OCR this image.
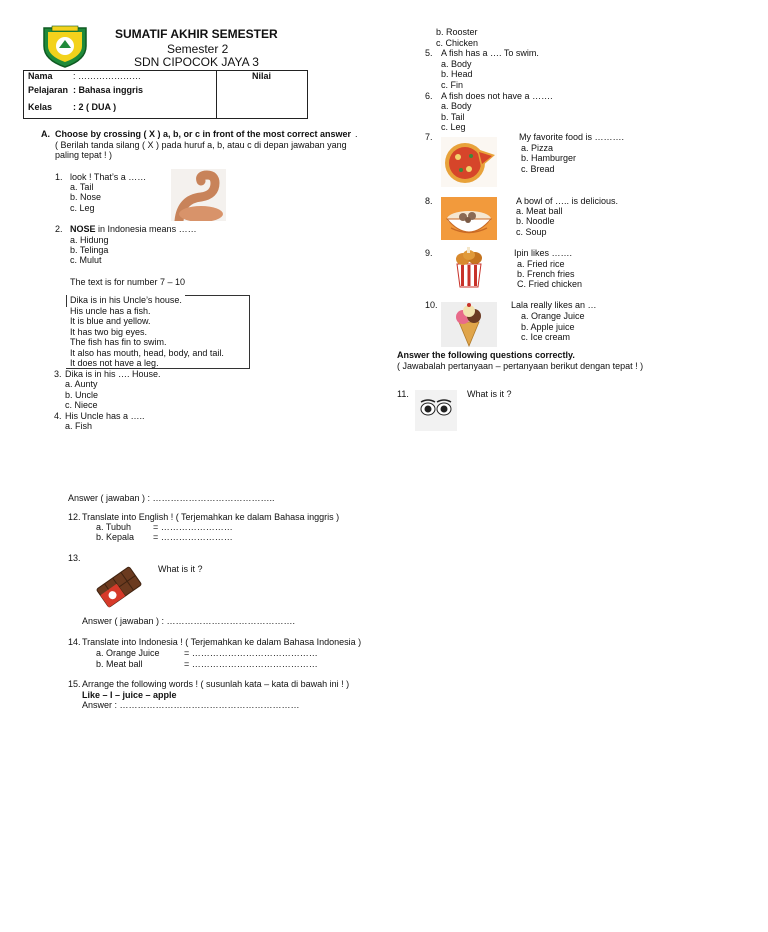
SUMATIF AKHIR SEMESTER
Semester 2
SDN CIPOCOK JAYA 3
Nama : …………………
Pelajaran : Bahasa inggris
Kelas : 2 ( DUA )

Nilai
A. Choose by crossing ( X ) a, b, or c in front of the most correct answer .
( Berilah tanda silang ( X ) pada huruf a, b, atau c di depan jawaban yang
paling tepat ! )
1. look ! That’s a ……
a. Tail
b. Nose
c. Leg
2. NOSE in Indonesia means ……
a. Hidung
b. Telinga
c. Mulut
The text is for number 7 – 10
Dika is in his Uncle’s house.
His uncle has a fish.
It is blue and yellow.
It has two big eyes.
The fish has fin to swim.
It also has mouth, head, body, and tail.
It does not have a leg.
3. Dika is in his …. House.
a. Aunty
b. Uncle
c. Niece
4. His Uncle has a …..
a. Fish
b. Rooster
c. Chicken
5. A fish has a …. To swim.
a. Body
b. Head
c. Fin
6. A fish does not have a …….
a. Body
b. Tail
c. Leg
7.	My favorite food is ……….
a. Pizza
b. Hamburger
c. Bread
8.	A bowl of ….. is delicious.
a. Meat ball
b. Noodle
c. Soup
9.	Ipin likes …….
a. Fried rice
b. French fries
C. Fried chicken
10.	Lala really likes an …
a. Orange Juice
b. Apple juice
c. Ice cream
Answer the following questions correctly.
( Jawabalah pertanyaan – pertanyaan berikut dengan tepat ! )
11.	What is it ?
Answer ( jawaban ) : …………………………………..
12. Translate into English ! ( Terjemahkan ke dalam Bahasa inggris )
a. Tubuh = ……………………
b. Kepala = ……………………
13.
What is it ?
Answer ( jawaban ) : …………………………………….
14. Translate into Indonesia ! ( Terjemahkan ke dalam Bahasa Indonesia )
a. Orange Juice	= ……………………………………
b. Meat ball	= ……………………………………
15. Arrange the following words ! ( susunlah kata – kata di bawah ini ! )
Like – I – juice – apple
Answer : ……………………………………………………
